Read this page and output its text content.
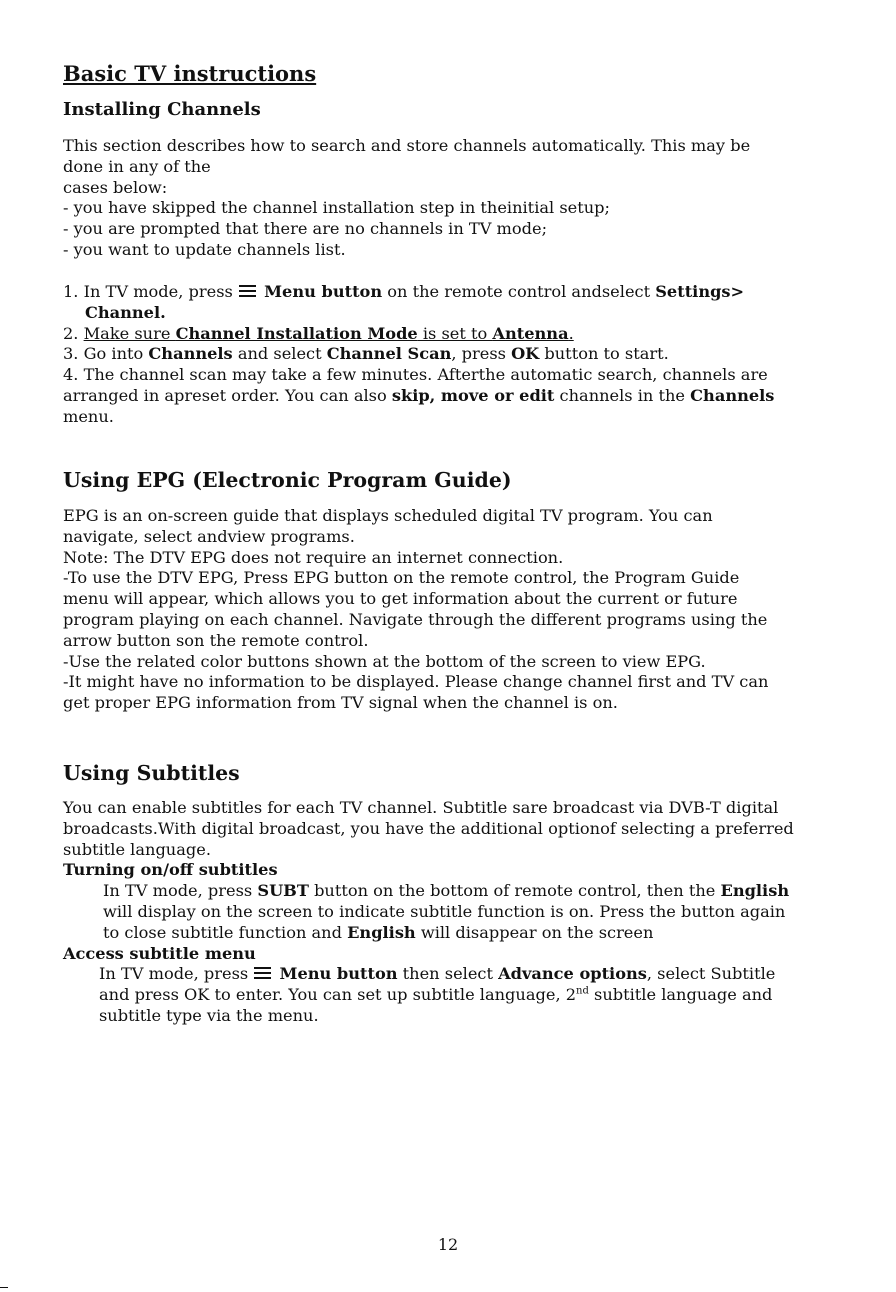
Basic TV instructions
Installing Channels
This section describes how to search and store channels automatically. This may be
done in any of the
cases below:
- you have skipped the channel installation step in theinitial setup;
- you are prompted that there are no channels in TV mode;
- you want to update channels list.
1. In TV mode, press
Menu button on the remote control andselect Settings>
Channel.
2. Make sure Channel Installation Mode is set to Antenna.
3. Go into Channels and select Channel Scan, press OK button to start.
4. The channel scan may take a few minutes. Afterthe automatic search, channels are
arranged in apreset order. You can also skip, move or edit channels in the Channels
menu.
Using EPG (Electronic Program Guide)
EPG is an on-screen guide that displays scheduled digital TV program. You can
navigate, select andview programs.
Note: The DTV EPG does not require an internet connection.
-To use the DTV EPG, Press EPG button on the remote control, the Program Guide
menu will appear, which allows you to get information about the current or future
program playing on each channel. Navigate through the different programs using the
arrow button son the remote control.
-Use the related color buttons shown at the bottom of the screen to view EPG.
-It might have no information to be displayed. Please change channel first and TV can
get proper EPG information from TV signal when the channel is on.
Using Subtitles
You can enable subtitles for each TV channel. Subtitle sare broadcast via DVB-T digital
broadcasts.With digital broadcast, you have the additional optionof selecting a preferred
subtitle language.
Turning on/off subtitles
In TV mode, press SUBT button on the bottom of remote control, then the English
will display on the screen to indicate subtitle function is on. Press the button again
to close subtitle function and English will disappear on the screen
Access subtitle menu
In TV mode, press
Menu button then select Advance options, select Subtitle
and press OK to enter. You can set up subtitle language, 2nd subtitle language and
subtitle type via the menu.
12
